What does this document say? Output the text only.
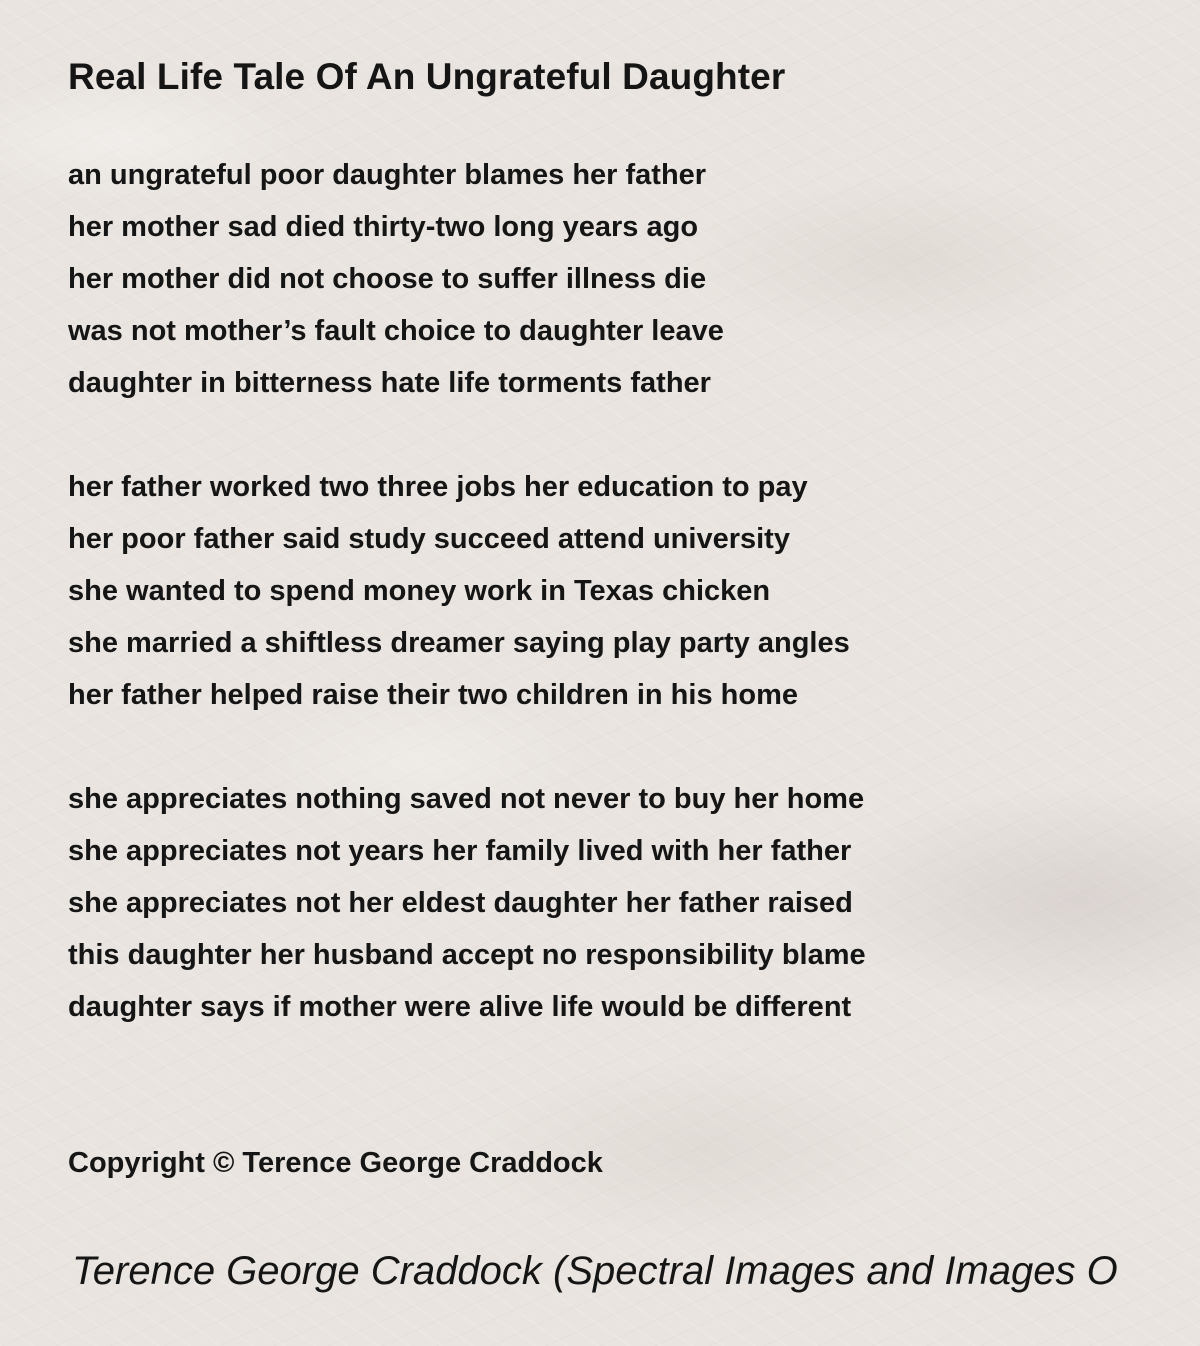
Real Life Tale Of An Ungrateful Daughter
an ungrateful poor daughter blames her father
her mother sad died thirty-two long years ago
her mother did not choose to suffer illness die
was not mother’s fault choice to daughter leave
daughter in bitterness hate life torments father
her father worked two three jobs her education to pay
her poor father said study succeed attend university
she wanted to spend money work in Texas chicken
she married a shiftless dreamer saying play party angles
her father helped raise their two children in his home
she appreciates nothing saved not never to buy her home
she appreciates not years her family lived with her father
she appreciates not her eldest daughter her father raised
this daughter her husband accept no responsibility blame
daughter says if mother were alive life would be different

Copyright © Terence George Craddock

Terence George Craddock (Spectral Images and Images O
